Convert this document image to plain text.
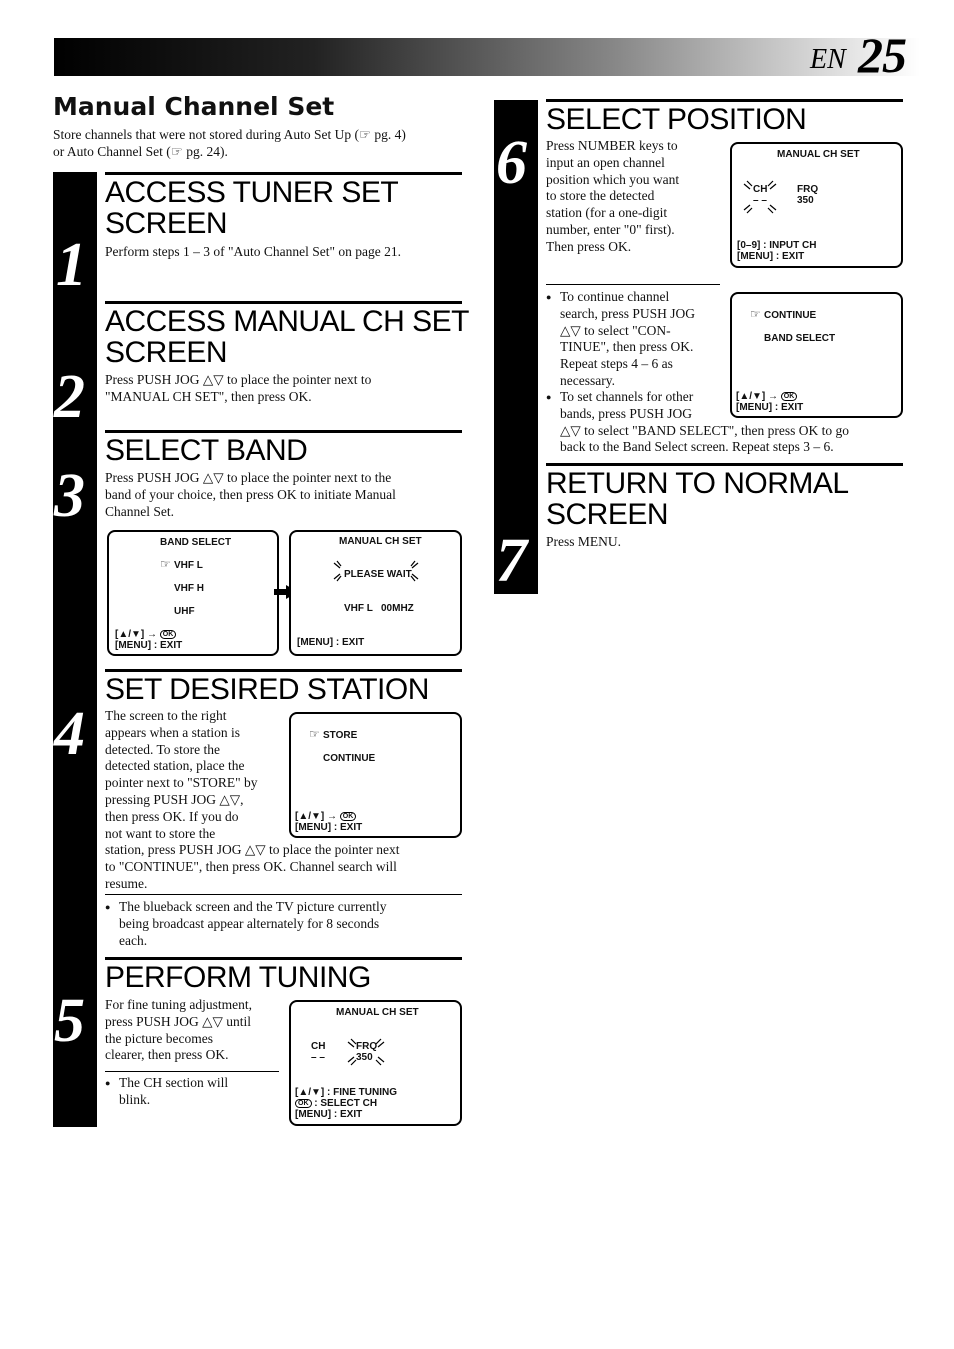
EN 25
Manual Channel Set
Store channels that were not stored during Auto Set Up (☞ pg. 4)
or Auto Channel Set (☞ pg. 24).
1
2
3
4
5
ACCESS TUNER SET
SCREEN
Perform steps 1 – 3 of "Auto Channel Set" on page 21.
ACCESS MANUAL CH SET
SCREEN
Press PUSH JOG △▽ to place the pointer next to
"MANUAL CH SET", then press OK.
SELECT BAND
Press PUSH JOG △▽ to place the pointer next to the
band of your choice, then press OK to initiate Manual
Channel Set.
BAND SELECT
☞ VHF L
VHF H
UHF
[▲/▼] → OK
[MENU] : EXIT
MANUAL CH SET
PLEASE WAIT
VHF L 00MHZ
[MENU] : EXIT
SET DESIRED STATION
The screen to the right
appears when a station is
detected. To store the
detected station, place the
pointer next to "STORE" by
pressing PUSH JOG △▽,
then press OK. If you do
not want to store the
station, press PUSH JOG △▽ to place the pointer next
to "CONTINUE", then press OK. Channel search will
resume.
● The blueback screen and the TV picture currently
being broadcast appear alternately for 8 seconds
each.
☞ STORE
CONTINUE
[▲/▼] → OK
[MENU] : EXIT
PERFORM TUNING
For fine tuning adjustment,
press PUSH JOG △▽ until
the picture becomes
clearer, then press OK.
● The CH section will
blink.
MANUAL CH SET
CH
– –
FRQ
350
[▲/▼] : FINE TUNING
OK : SELECT CH
[MENU] : EXIT
6
7
SELECT POSITION
Press NUMBER keys to
input an open channel
position which you want
to store the detected
station (for a one-digit
number, enter "0" first).
Then press OK.
MANUAL CH SET
CH
– –
FRQ
350
[0–9] : INPUT CH
[MENU] : EXIT
● To continue channel
search, press PUSH JOG
△▽ to select "CON-
TINUE", then press OK.
Repeat steps 4 – 6 as
necessary.
● To set channels for other
bands, press PUSH JOG
△▽ to select "BAND SELECT", then press OK to go
back to the Band Select screen. Repeat steps 3 – 6.
☞ CONTINUE
BAND SELECT
[▲/▼] → OK
[MENU] : EXIT
RETURN TO NORMAL
SCREEN
Press MENU.
